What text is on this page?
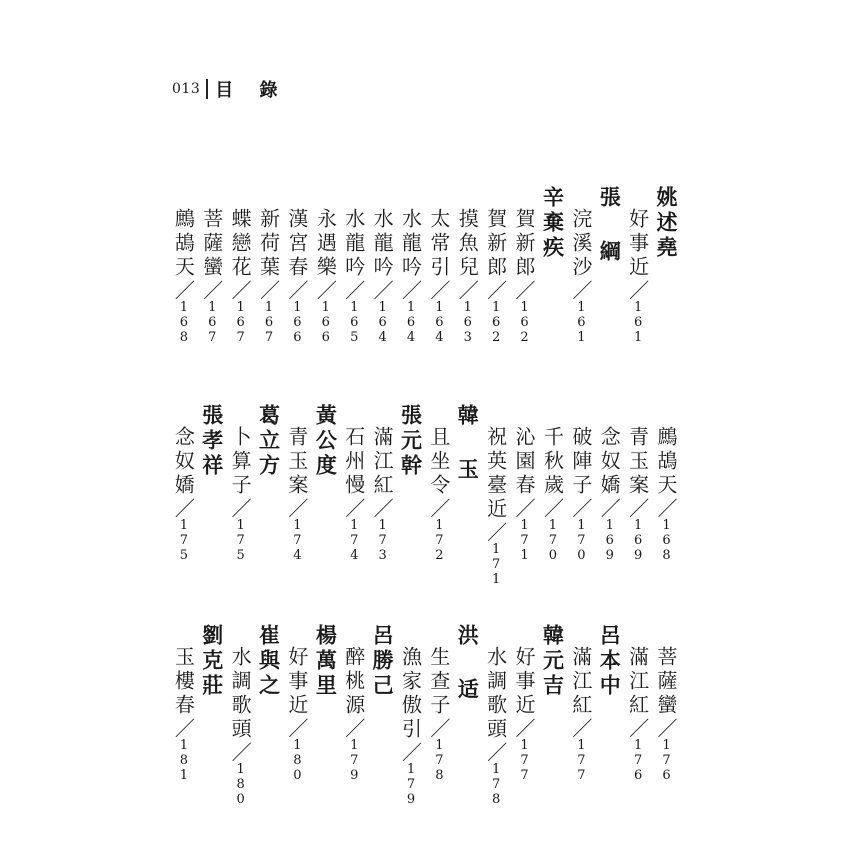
013 目 錄
姚述堯
好事近／161
張 綱
浣溪沙／161
辛棄疾
賀新郎／162
賀新郎／162
摸魚兒／163
太常引／164
水龍吟／164
水龍吟／164
水龍吟／165
永遇樂／166
漢宮春／166
新荷葉／167
蝶戀花／167
菩薩蠻／167
鷓鴣天／168
鷓鴣天／168
青玉案／169
念奴嬌／169
破陣子／170
千秋歲／170
沁園春／171
祝英臺近／171
韓 玉
且坐令／172
張元幹
滿江紅／173
石州慢／174
黃公度
青玉案／174
葛立方
卜算子／175
張孝祥
念奴嬌／175
菩薩蠻／176
滿江紅／176
呂本中
滿江紅／177
韓元吉
好事近／177
水調歌頭／178
洪 适
生查子／178
漁家傲引／179
呂勝己
醉桃源／179
楊萬里
好事近／180
崔與之
水調歌頭／180
劉克莊
玉樓春／181
